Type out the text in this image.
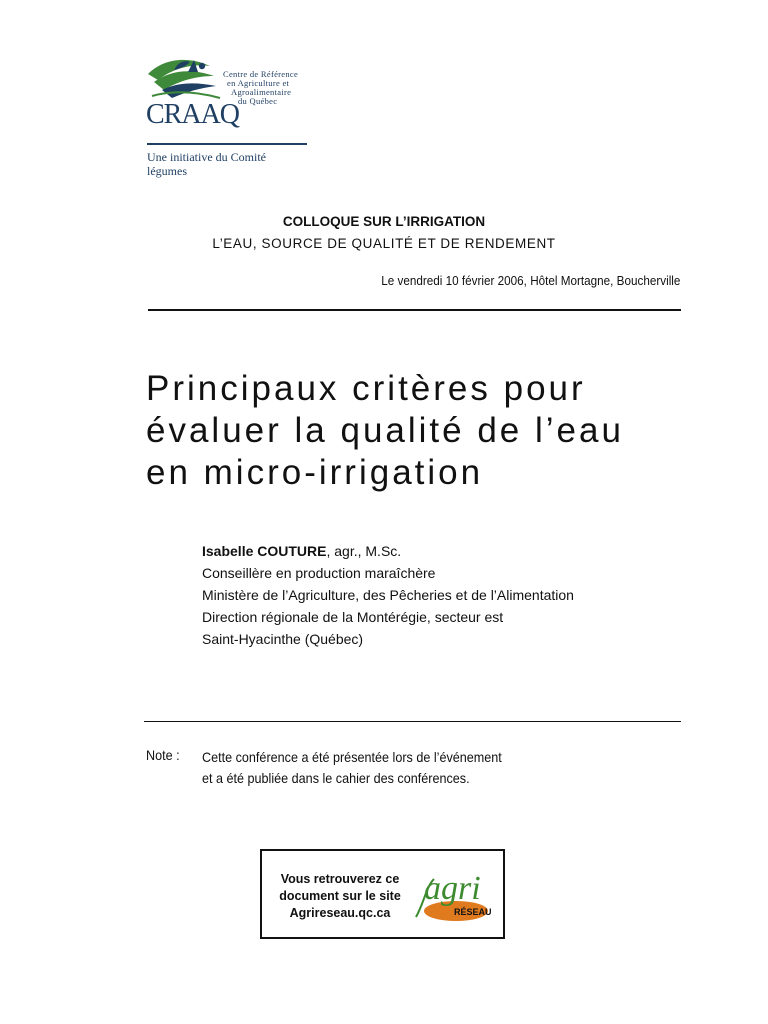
Centre de Référence
en Agriculture et
Agroalimentaire
du Québec
CRAAQ
Une initiative du Comité
légumes
COLLOQUE SUR L’IRRIGATION
L’EAU, SOURCE DE QUALITÉ ET DE RENDEMENT
Le vendredi 10 février 2006, Hôtel Mortagne, Boucherville
Principaux critères pour
évaluer la qualité de l’eau
en micro-irrigation
Isabelle COUTURE, agr., M.Sc.
Conseillère en production maraîchère
Ministère de l’Agriculture, des Pêcheries et de l’Alimentation
Direction régionale de la Montérégie, secteur est
Saint-Hyacinthe (Québec)
Note : Cette conférence a été présentée lors de l’événement
et a été publiée dans le cahier des conférences.
Vous retrouverez ce
document sur le site
Agrireseau.qc.ca
agri
RÉSEAU
